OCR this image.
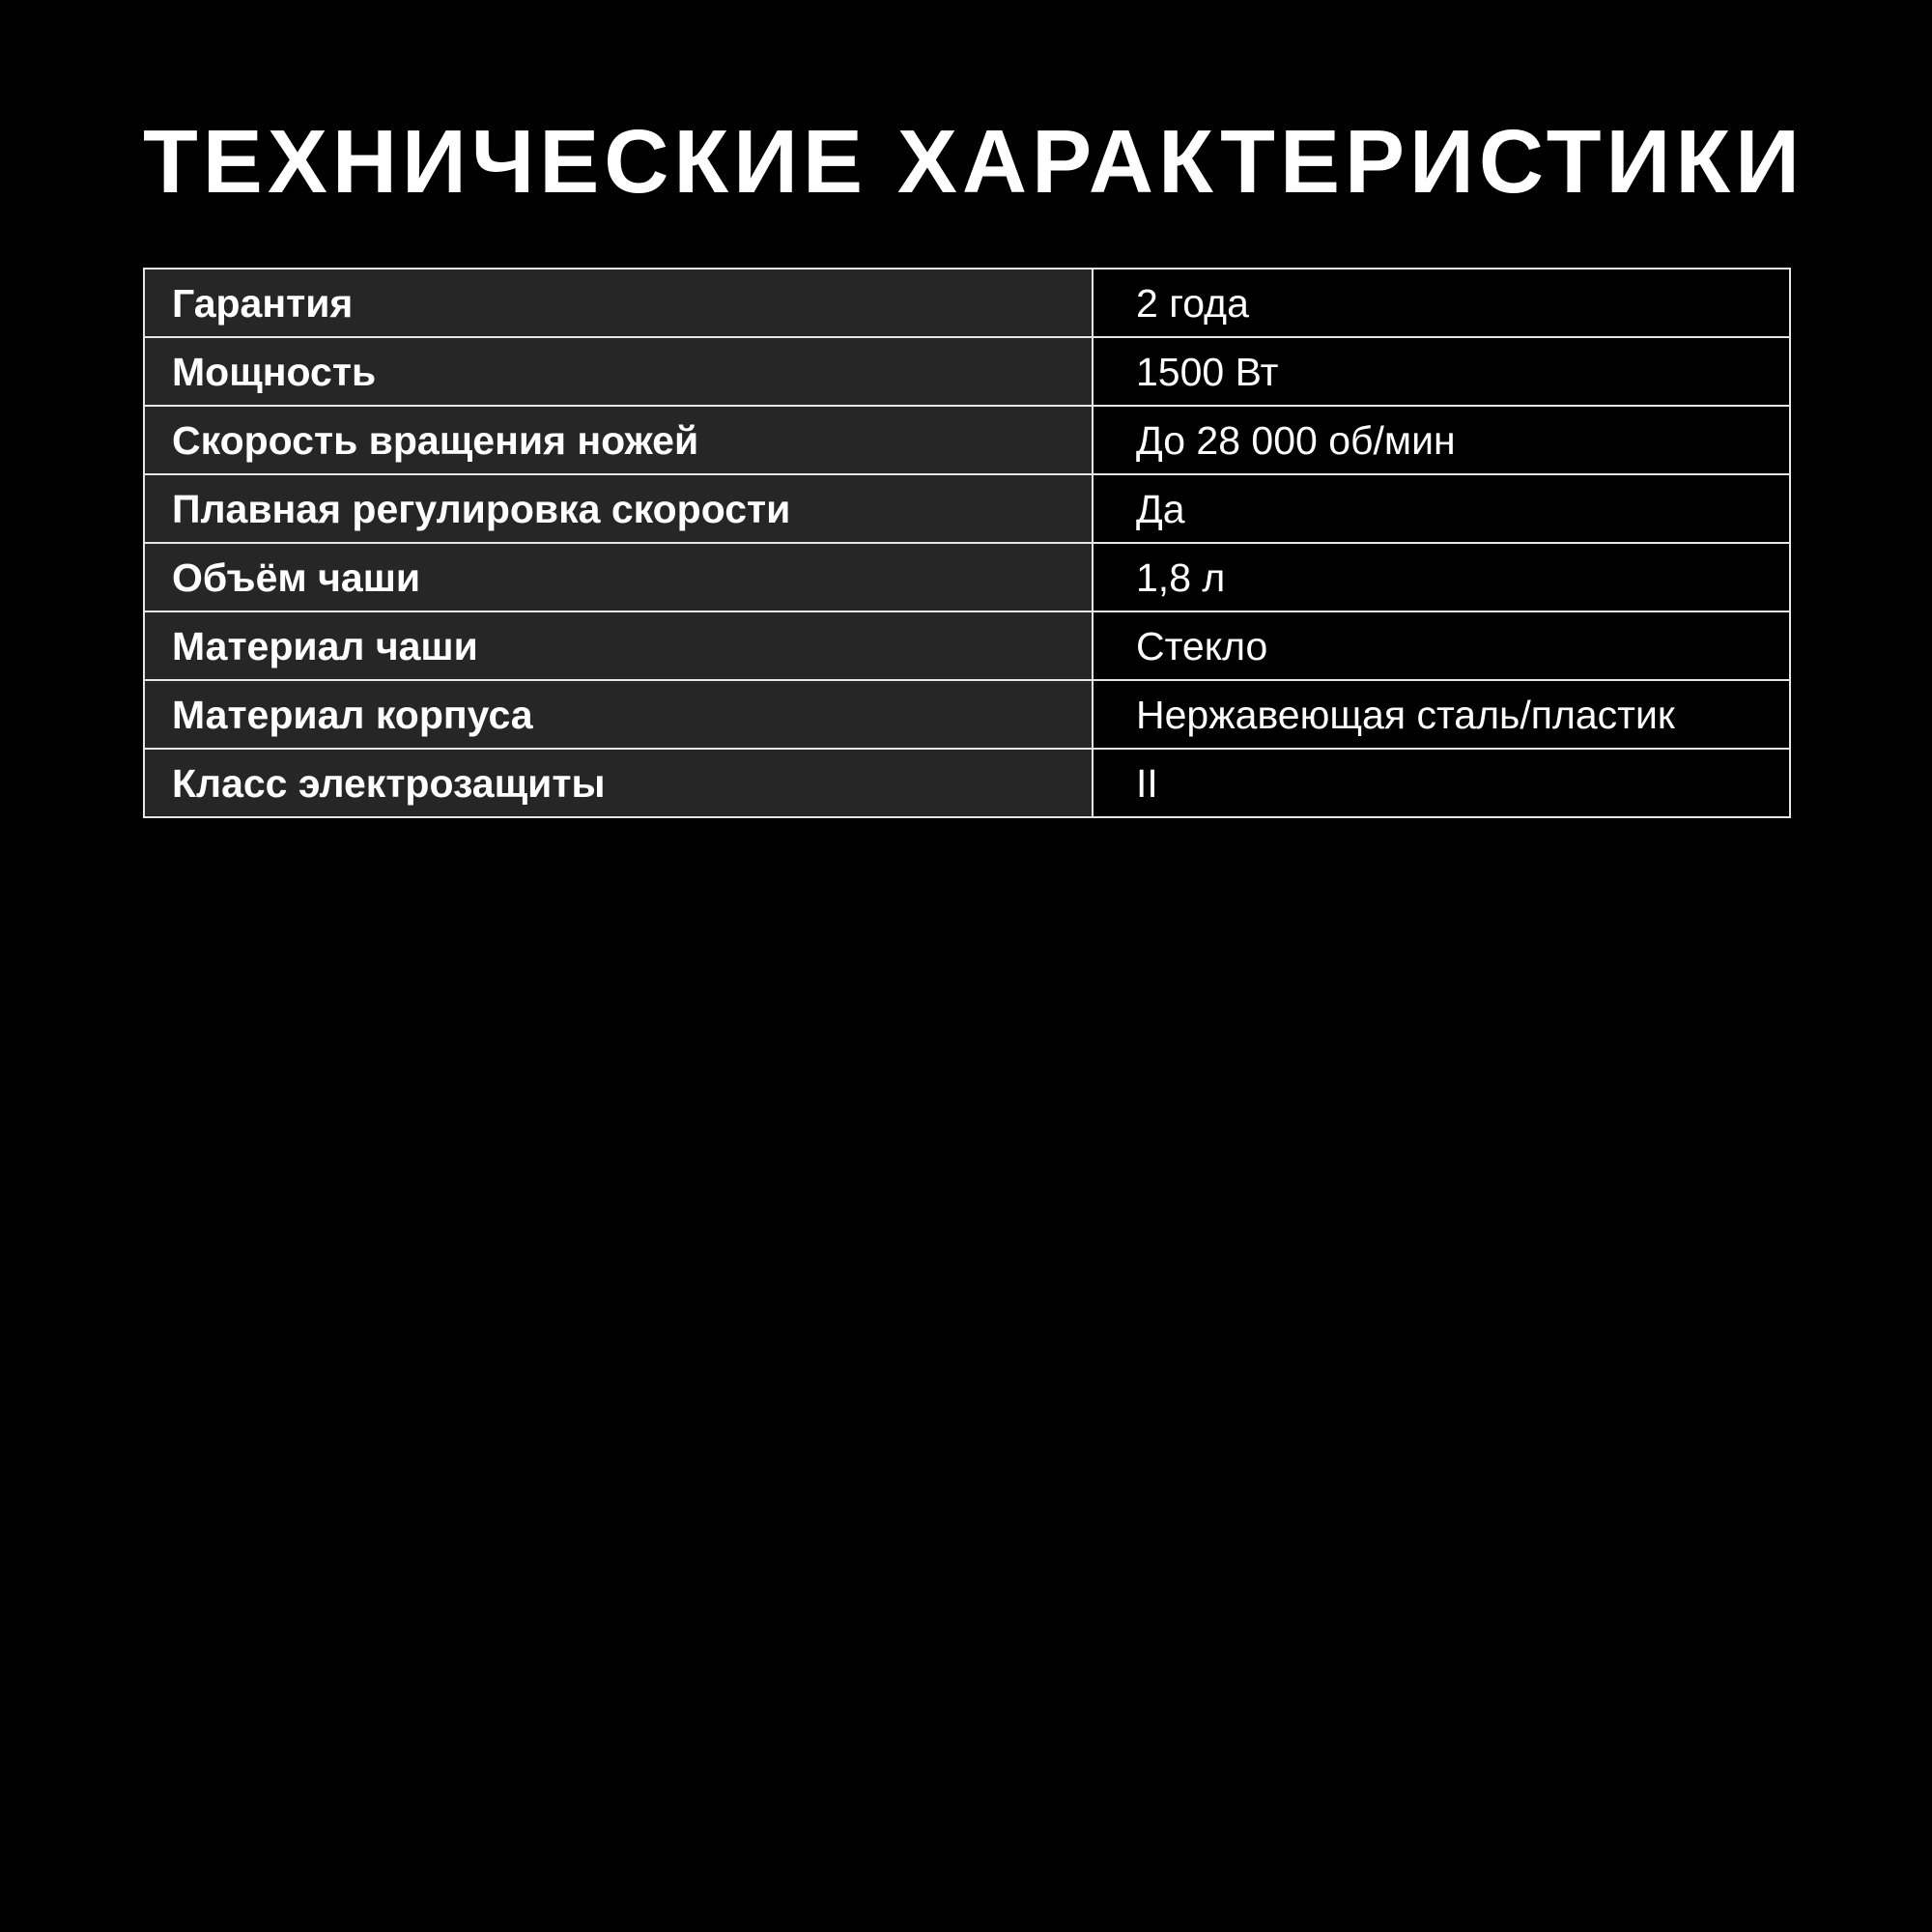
ТЕХНИЧЕСКИЕ ХАРАКТЕРИСТИКИ
Гарантия	2 года
Мощность	1500 Вт
Скорость вращения ножей	До 28 000 об/мин
Плавная регулировка скорости	Да
Объём чаши	1,8 л
Материал чаши	Стекло
Материал корпуса	Нержавеющая сталь/пластик
Класс электрозащиты	II
